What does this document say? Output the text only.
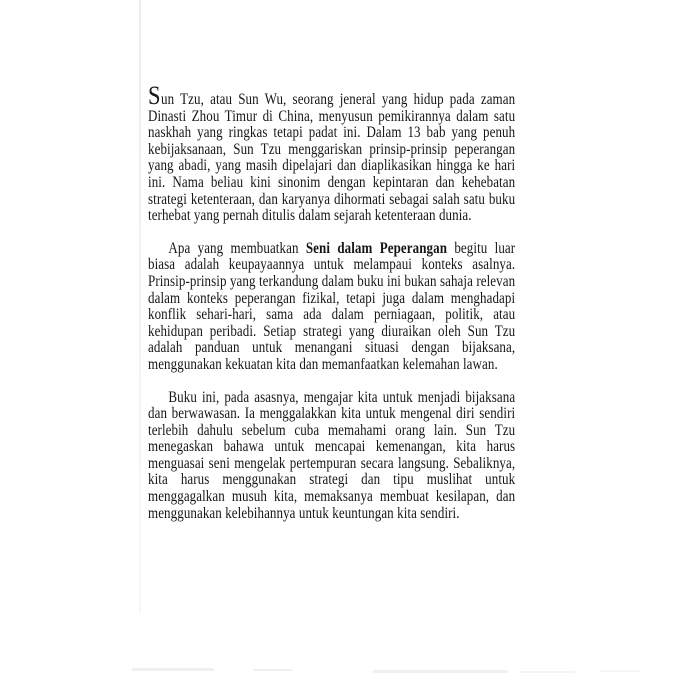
Sun Tzu, atau Sun Wu, seorang jeneral yang hidup pada zaman Dinasti Zhou Timur di China, menyusun pemikirannya dalam satu naskhah yang ringkas tetapi padat ini. Dalam 13 bab yang penuh kebijaksanaan, Sun Tzu menggariskan prinsip-prinsip peperangan yang abadi, yang masih dipelajari dan diaplikasikan hingga ke hari ini. Nama beliau kini sinonim dengan kepintaran dan kehebatan strategi ketenteraan, dan karyanya dihormati sebagai salah satu buku terhebat yang pernah ditulis dalam sejarah ketenteraan dunia.

Apa yang membuatkan Seni dalam Peperangan begitu luar biasa adalah keupayaannya untuk melampaui konteks asalnya. Prinsip-prinsip yang terkandung dalam buku ini bukan sahaja relevan dalam konteks peperangan fizikal, tetapi juga dalam menghadapi konflik sehari-hari, sama ada dalam perniagaan, politik, atau kehidupan peribadi. Setiap strategi yang diuraikan oleh Sun Tzu adalah panduan untuk menangani situasi dengan bijaksana, menggunakan kekuatan kita dan memanfaatkan kelemahan lawan.

Buku ini, pada asasnya, mengajar kita untuk menjadi bijaksana dan berwawasan. Ia menggalakkan kita untuk mengenal diri sendiri terlebih dahulu sebelum cuba memahami orang lain. Sun Tzu menegaskan bahawa untuk mencapai kemenangan, kita harus menguasai seni mengelak pertempuran secara langsung. Sebaliknya, kita harus menggunakan strategi dan tipu muslihat untuk menggagalkan musuh kita, memaksanya membuat kesilapan, dan menggunakan kelebihannya untuk keuntungan kita sendiri.
